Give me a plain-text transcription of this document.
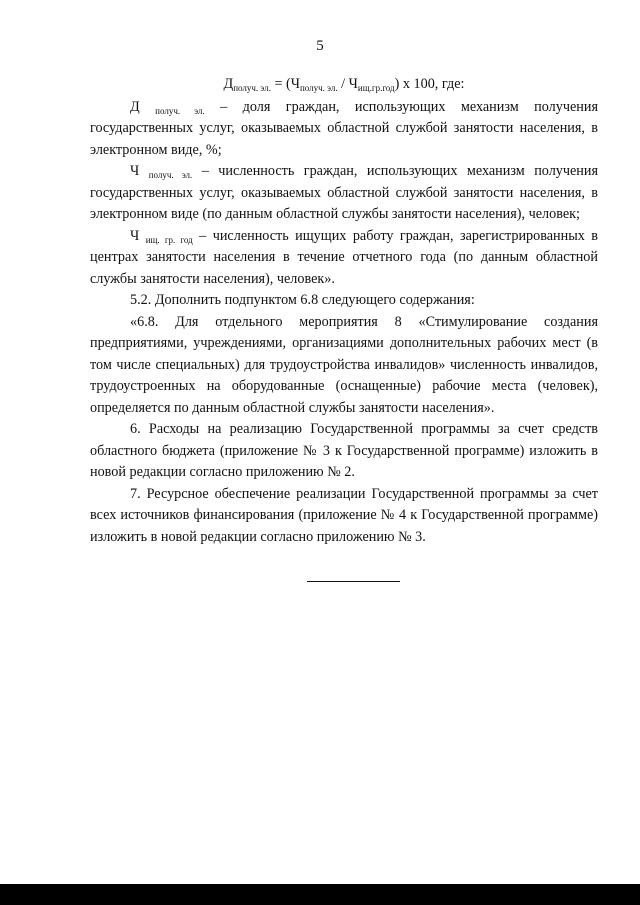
5
$Д_{получ. эл.} = (Ч_{получ. эл.} / Ч_{ищ.гр.год})$ х 100, где:

Д $_{получ. эл.}$ – доля граждан, использующих механизм получения государственных услуг, оказываемых областной службой занятости населения, в электронном виде, %;

Ч $_{получ. эл.}$ – численность граждан, использующих механизм получения государственных услуг, оказываемых областной службой занятости населения, в электронном виде (по данным областной службы занятости населения), человек;

Ч $_{ищ. гр. год}$ – численность ищущих работу граждан, зарегистрированных в центрах занятости населения в течение отчетного года (по данным областной службы занятости населения), человек».

5.2. Дополнить подпунктом 6.8 следующего содержания:

«6.8. Для отдельного мероприятия 8 «Стимулирование создания предприятиями, учреждениями, организациями дополнительных рабочих мест (в том числе специальных) для трудоустройства инвалидов» численность инвалидов, трудоустроенных на оборудованные (оснащенные) рабочие места (человек), определяется по данным областной службы занятости населения».

6. Расходы на реализацию Государственной программы за счет средств областного бюджета (приложение № 3 к Государственной программе) изложить в новой редакции согласно приложению № 2.

7. Ресурсное обеспечение реализации Государственной программы за счет всех источников финансирования (приложение № 4 к Государственной программе) изложить в новой редакции согласно приложению № 3.
